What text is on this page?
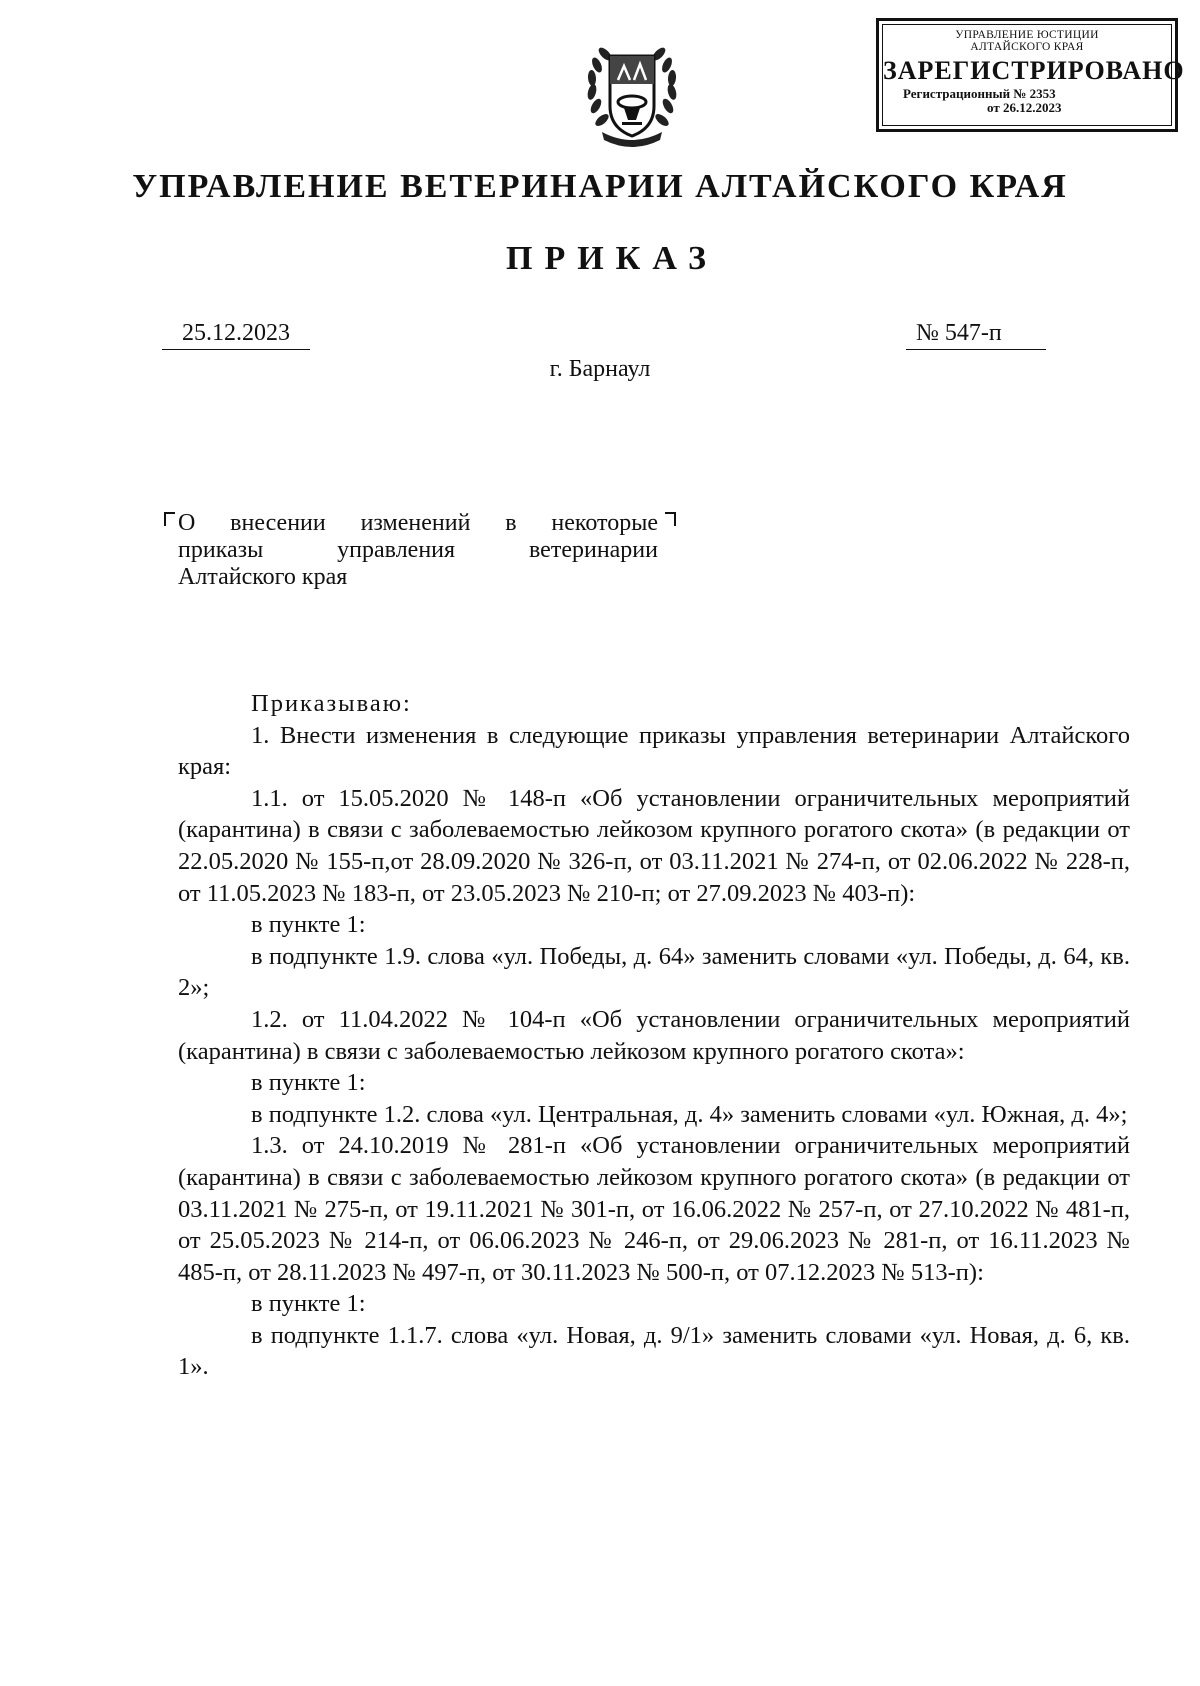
УПРАВЛЕНИЕ ЮСТИЦИИ
АЛТАЙСКОГО КРАЯ
ЗАРЕГИСТРИРОВАНО
Регистрационный № 2353
от 26.12.2023
УПРАВЛЕНИЕ ВЕТЕРИНАРИИ АЛТАЙСКОГО КРАЯ
ПРИКАЗ
25.12.2023	№ 547-п
г. Барнаул
О внесении изменений в некоторые
приказы управления ветеринарии
Алтайского края

Приказываю:

1. Внести изменения в следующие приказы управления ветеринарии Алтайского края:

1.1. от 15.05.2020 № 148-п «Об установлении ограничительных мероприятий (карантина) в связи с заболеваемостью лейкозом крупного рогатого скота» (в редакции от 22.05.2020 № 155-п,от 28.09.2020 № 326-п, от 03.11.2021 № 274-п, от 02.06.2022 № 228-п, от 11.05.2023 № 183-п, от 23.05.2023 № 210-п; от 27.09.2023 № 403-п):

в пункте 1:

в подпункте 1.9. слова «ул. Победы, д. 64» заменить словами «ул. Победы, д. 64, кв. 2»;

1.2. от 11.04.2022 № 104-п «Об установлении ограничительных мероприятий (карантина) в связи с заболеваемостью лейкозом крупного рогатого скота»:

в пункте 1:

в подпункте 1.2. слова «ул. Центральная, д. 4» заменить словами «ул. Южная, д. 4»;

1.3. от 24.10.2019 № 281-п «Об установлении ограничительных мероприятий (карантина) в связи с заболеваемостью лейкозом крупного рогатого скота» (в редакции от 03.11.2021 № 275-п, от 19.11.2021 № 301-п, от 16.06.2022 № 257-п, от 27.10.2022 № 481-п, от 25.05.2023 № 214-п, от 06.06.2023 № 246-п, от 29.06.2023 № 281-п, от 16.11.2023 № 485-п, от 28.11.2023 № 497-п, от 30.11.2023 № 500-п, от 07.12.2023 № 513-п):

в пункте 1:

в подпункте 1.1.7. слова «ул. Новая, д. 9/1» заменить словами «ул. Новая, д. 6, кв. 1».
